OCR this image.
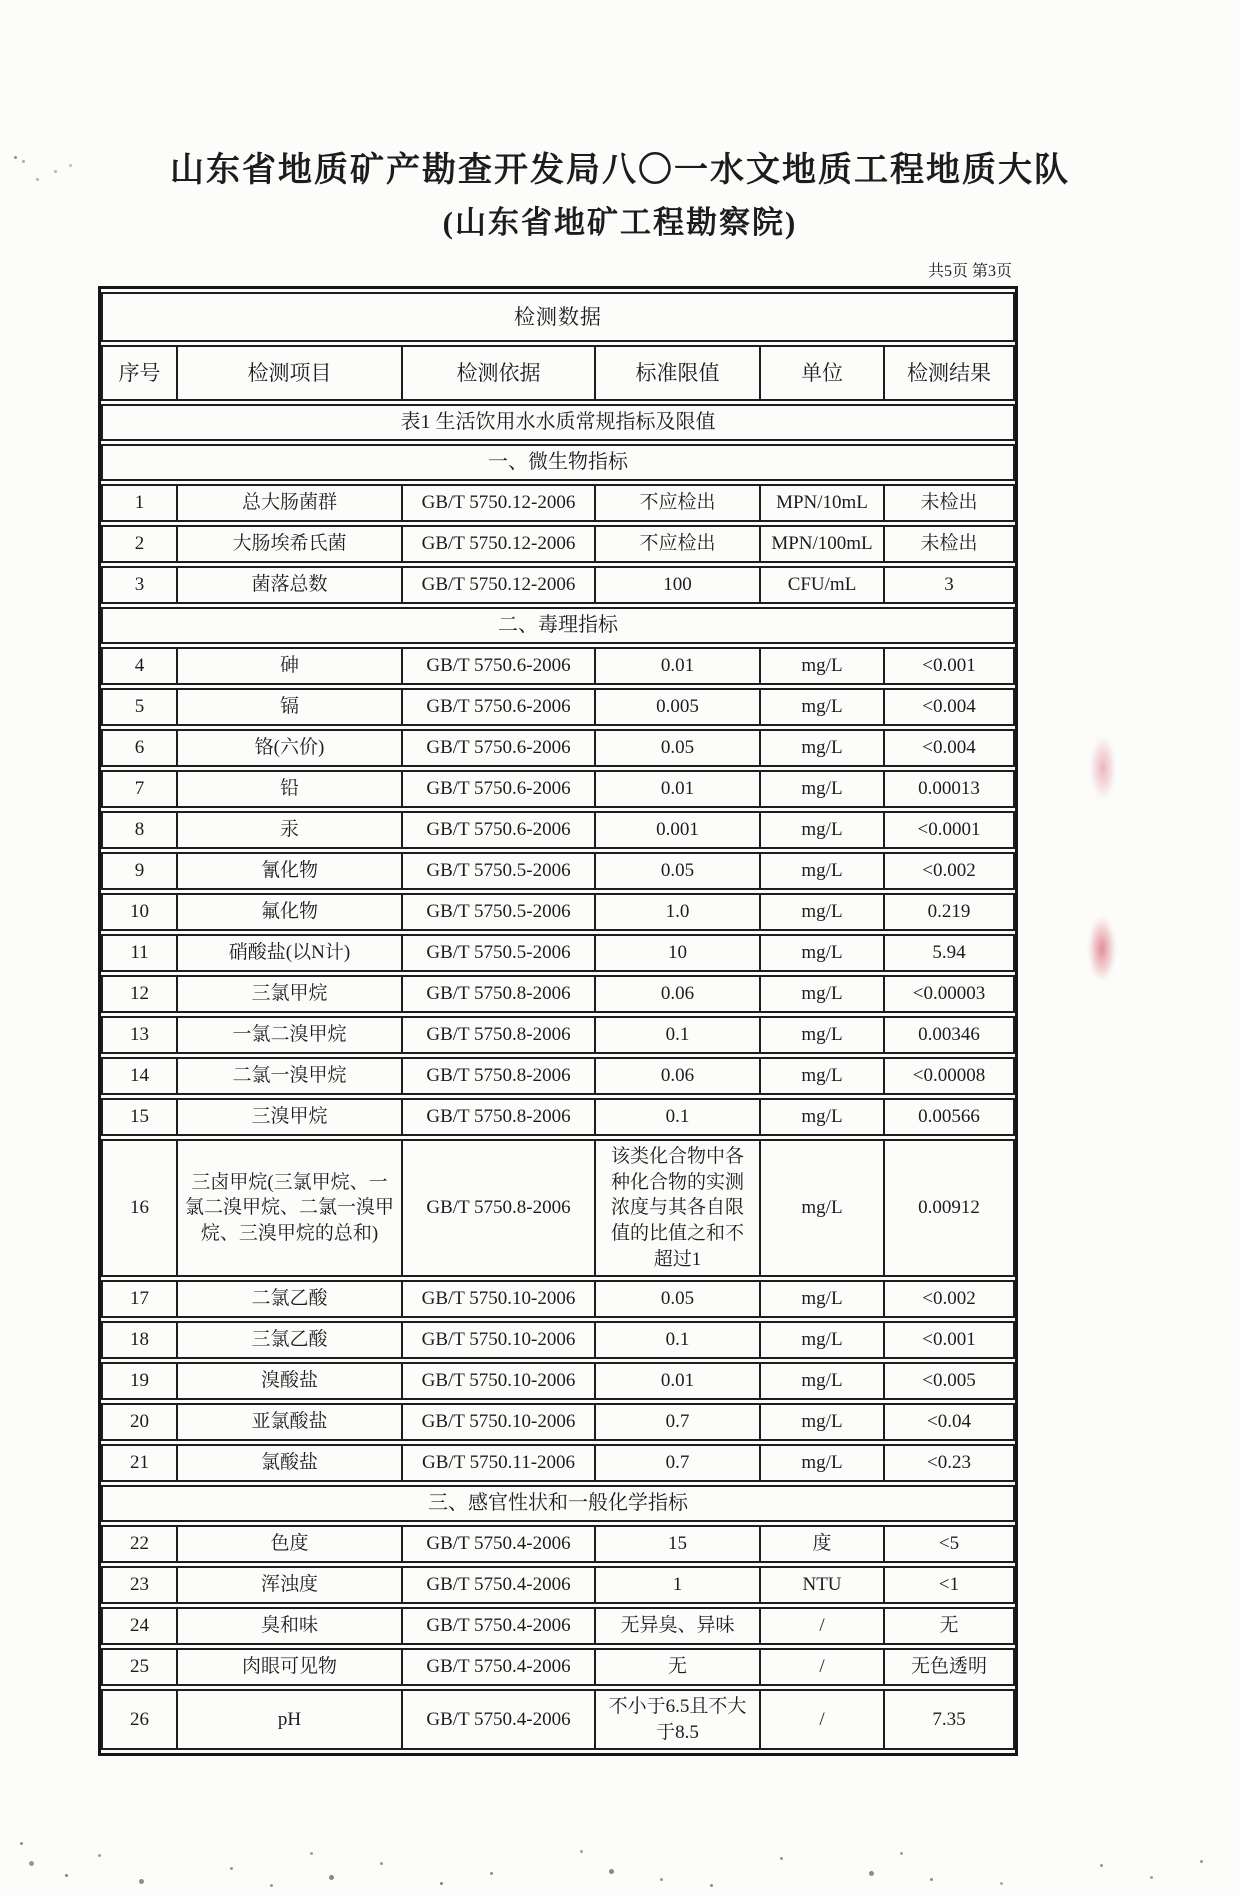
山东省地质矿产勘查开发局八〇一水文地质工程地质大队
(山东省地矿工程勘察院)
共5页 第3页
检测数据					
序号	检测项目	检测依据	标准限值	单位	检测结果
表1 生活饮用水水质常规指标及限值					
一、微生物指标					
1	总大肠菌群	GB/T 5750.12-2006	不应检出	MPN/10mL	未检出
2	大肠埃希氏菌	GB/T 5750.12-2006	不应检出	MPN/100mL	未检出
3	菌落总数	GB/T 5750.12-2006	100	CFU/mL	3
二、毒理指标					
4	砷	GB/T 5750.6-2006	0.01	mg/L	<0.001
5	镉	GB/T 5750.6-2006	0.005	mg/L	<0.004
6	铬(六价)	GB/T 5750.6-2006	0.05	mg/L	<0.004
7	铅	GB/T 5750.6-2006	0.01	mg/L	0.00013
8	汞	GB/T 5750.6-2006	0.001	mg/L	<0.0001
9	氰化物	GB/T 5750.5-2006	0.05	mg/L	<0.002
10	氟化物	GB/T 5750.5-2006	1.0	mg/L	0.219
11	硝酸盐(以N计)	GB/T 5750.5-2006	10	mg/L	5.94
12	三氯甲烷	GB/T 5750.8-2006	0.06	mg/L	<0.00003
13	一氯二溴甲烷	GB/T 5750.8-2006	0.1	mg/L	0.00346
14	二氯一溴甲烷	GB/T 5750.8-2006	0.06	mg/L	<0.00008
15	三溴甲烷	GB/T 5750.8-2006	0.1	mg/L	0.00566
16	三卤甲烷(三氯甲烷、一氯二溴甲烷、二氯一溴甲烷、三溴甲烷的总和)	GB/T 5750.8-2006	该类化合物中各种化合物的实测浓度与其各自限值的比值之和不超过1	mg/L	0.00912
17	二氯乙酸	GB/T 5750.10-2006	0.05	mg/L	<0.002
18	三氯乙酸	GB/T 5750.10-2006	0.1	mg/L	<0.001
19	溴酸盐	GB/T 5750.10-2006	0.01	mg/L	<0.005
20	亚氯酸盐	GB/T 5750.10-2006	0.7	mg/L	<0.04
21	氯酸盐	GB/T 5750.11-2006	0.7	mg/L	<0.23
三、感官性状和一般化学指标					
22	色度	GB/T 5750.4-2006	15	度	<5
23	浑浊度	GB/T 5750.4-2006	1	NTU	<1
24	臭和味	GB/T 5750.4-2006	无异臭、异味	/	无
25	肉眼可见物	GB/T 5750.4-2006	无	/	无色透明
26	pH	GB/T 5750.4-2006	不小于6.5且不大于8.5	/	7.35
